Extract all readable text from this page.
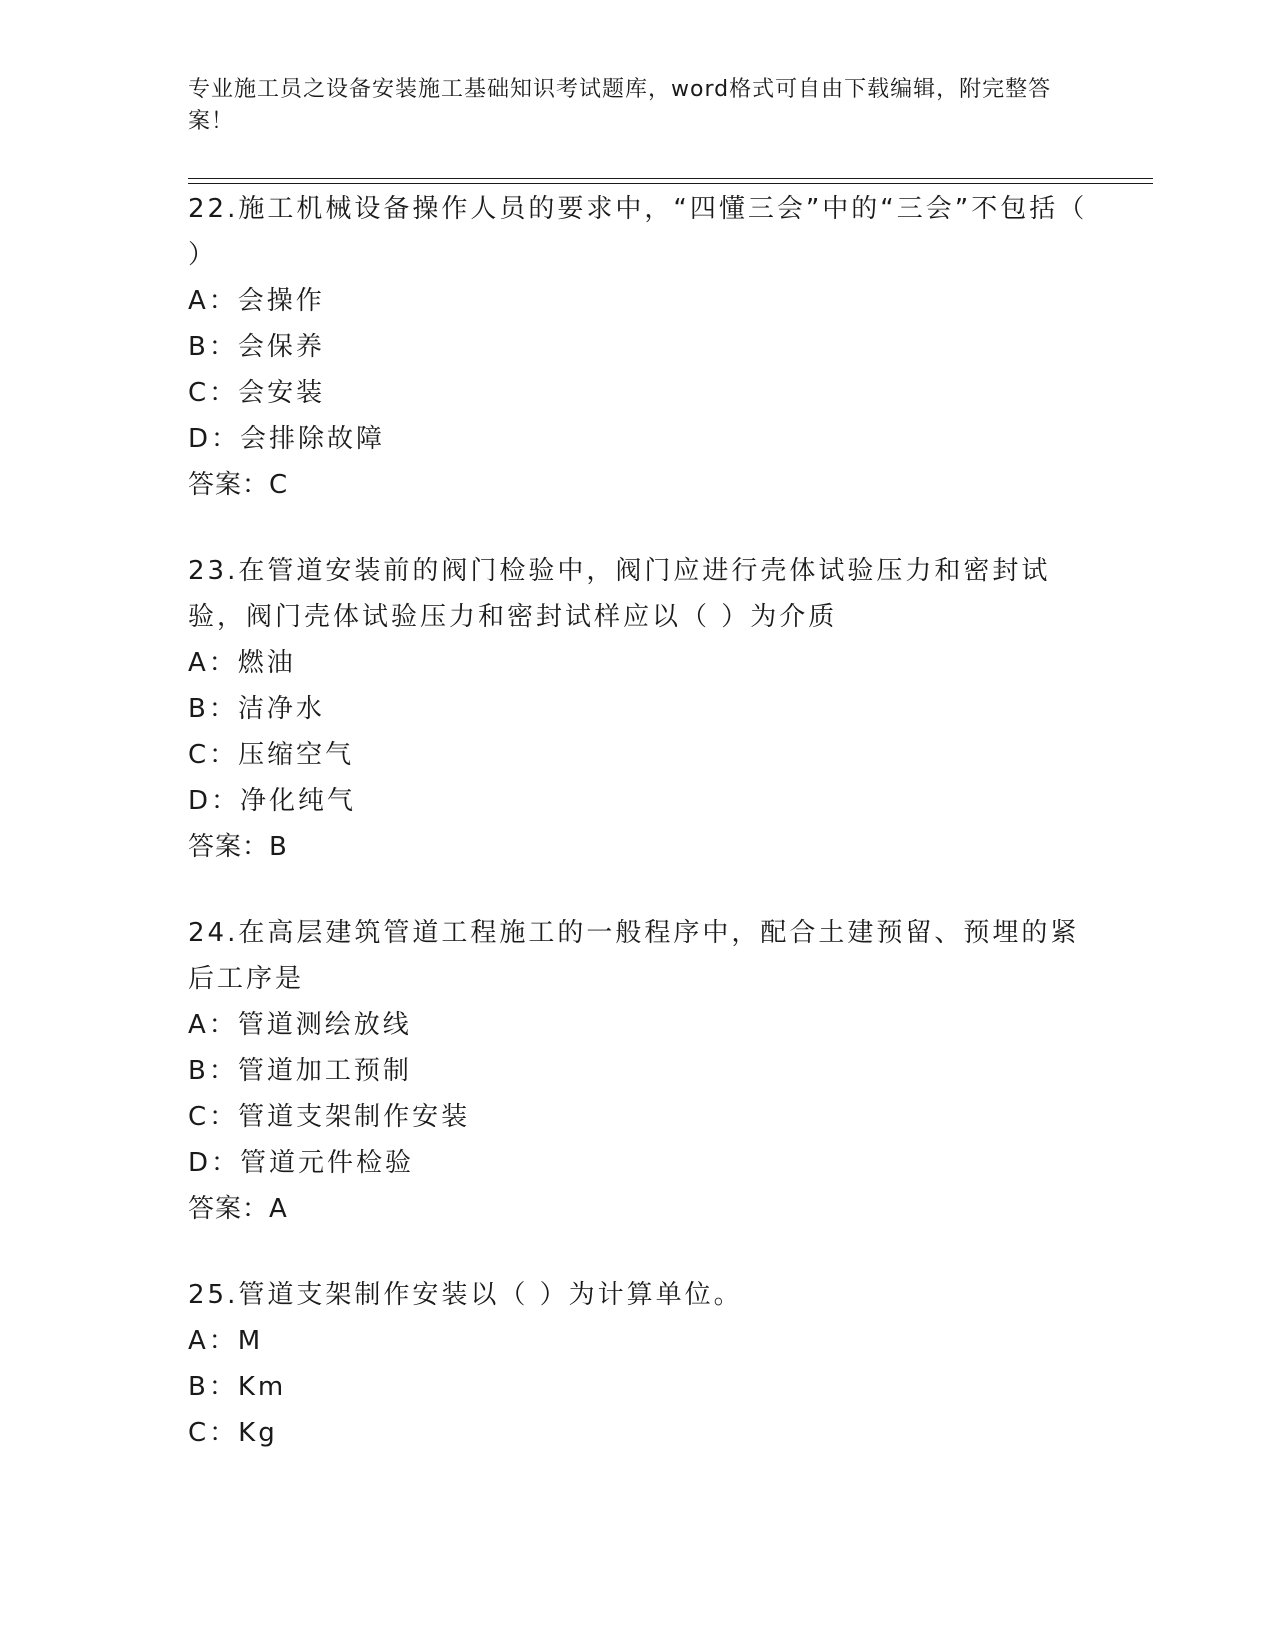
专业施工员之设备安装施工基础知识考试题库，word格式可自由下载编辑，附完整答案！

22.施工机械设备操作人员的要求中，“四懂三会”中的“三会”不包括（ ）

A：会操作

B：会保养

C：会安装

D：会排除故障

答案：C

23.在管道安装前的阀门检验中，阀门应进行壳体试验压力和密封试验，阀门壳体试验压力和密封试样应以（ ）为介质

A：燃油

B：洁净水

C：压缩空气

D：净化纯气

答案：B

24.在高层建筑管道工程施工的一般程序中，配合土建预留、预埋的紧后工序是

A：管道测绘放线

B：管道加工预制

C：管道支架制作安装

D：管道元件检验

答案：A

25.管道支架制作安装以（ ）为计算单位。

A：M

B：Km

C：Kg
